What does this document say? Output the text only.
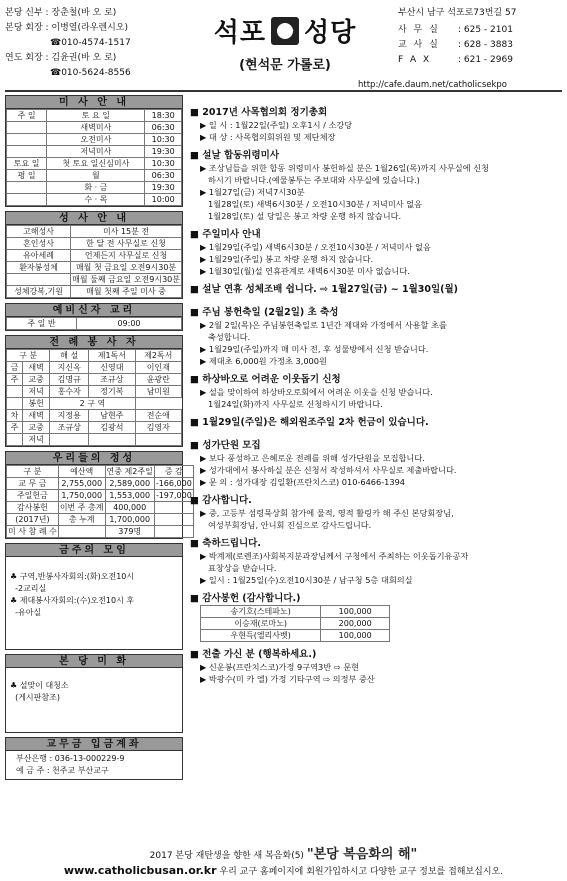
본당 신부 : 장춘철(바 오 로)
본당 회장 : 이병열(라우렌시오)
☎010-4574-1517
연도 회장 : 김윤권(바 오 로)
☎010-5624-8556
석포 ✝ 성당
(현석문 가롤로)
부산시 남구 석포로73번길 57
사 무 실	: 625 - 2101
교 사 실	: 628 - 3883
F A X	: 621 - 2969
http://cafe.daum.net/catholicsekpo
미 사 안 내
주 일	토 요 일	18:30
	새벽미사	06:30
	오전미사	10:30
	저녁미사	19:30
토요 일	첫 토요 일신심미사	10:30
평 일	월	06:30
	화 · 금	19:30
	수 · 목	10:00
성 사 안 내
고해성사	미사 15분 전
혼인성사	한 달 전 사무실로 신청
유아세례	언제든지 사무실로 신청
환자봉성체	매월 첫 금요일 오전9시30분
	매월 둘째 금요일 오전9시30분
성체강복,기원	매월 첫째 주일 미사 중
예비신자 교리
주 일 반	09:00
전 례 봉 사 자
구 분		해 설	제1독서	제2독서
금	새벽	지신옥	신영대	이인재
주	교중	김명규	조규상	윤광란
	저녁	홍수자	정기복	남미원
	봉헌	2 구 역		
차	새벽	지정용	남현주	전순애
주	교중	조규상	김광석	김영자
	저녁			
우리들의 정성
구 분	예산액	연중 제2주일	증 감
교 무 금	2,755,000	2,589,000	-166,000
주일헌금	1,750,000	1,553,000	-197,000
감사봉헌	이번 주 총계	400,000	
(2017년)	총 누계	1,700,000	
미 사 참 례 수		379명	
금주의 모임
♣ 구역,반봉사자회의:(화)오전10시
-2교리실
♣ 제대봉사자회의:(수)오전10시 후
-유아실
본 당 미 화
♣ 설맞이 대청소
(게시판참조)
교무금 입금계좌
부산은행 : 036-13-000229-9
예 금 주 : 천주교 부산교구
■ 2017년 사목협의회 정기총회
▶ 일 시 : 1월22일(주일) 오후1시 / 소강당
▶ 대 상 : 사목협의회위원 및 제단체장
■ 설날 합동위령미사
▶ 조상님들을 위한 합동 위령미사 봉헌하실 분은 1월26일(목)까지 사무실에 신청
하시기 바랍니다.(예물봉투는 주보대와 사무실에 있습니다.)
▶ 1월27일(금) 저녁7시30분
1월28일(토) 새벽6시30분 / 오전10시30분 / 저녁미사 없음
1월28일(토) 설 당일은 봉고 차량 운행 하지 않습니다.
■ 주일미사 안내
▶ 1월29일(주일) 새벽6시30분 / 오전10시30분 / 저녁미사 없음
▶ 1월29일(주일) 봉고 차량 운행 하지 않습니다.
▶ 1월30일(월)설 연휴관계로 새벽6시30분 미사 없습니다.
■ 설날 연휴 성체조배 쉽니다. ⇨ 1월27일(금) ~ 1월30일(월)
■ 주님 봉헌축일 (2월2일) 초 축성
▶ 2월 2일(목)은 주님봉헌축일로 1년간 제대와 가정에서 사용할 초를
축성합니다.
▶ 1월29일(주일)까지 매 미사 전, 후 성물방에서 신청 받습니다.
▶ 제대초 6,000원 가정초 3,000원
■ 하상바오로 어려운 이웃돕기 신청
▶ 설을 맞이하여 하상바오로회에서 어려운 이웃을 신청 받습니다.
1월24일(화)까지 사무실로 신청하시기 바랍니다.
■ 1월29일(주일)은 해외원조주일 2차 헌금이 있습니다.
■ 성가단원 모집
▶ 보다 풍성하고 은혜로운 전례를 위해 성가단원을 모집합니다.
▶ 성가대에서 봉사하실 분은 신청서 작성하셔서 사무실로 제출바랍니다.
▶ 문 의 : 성가대장 김일환(프란치스코) 010-6466-1394
■ 감사합니다.
▶ 중, 고등부 섬령묵상회 참가에 물적, 영적 활링카 해 주신 본당회장님,
여성부회장님, 안니회 진심으로 감사드립니다.
■ 축하드립니다.
▶ 박계제(로렌조)사회복지분과장님께서 구청에서 주최하는 이웃돕기유공자
표창상을 받습니다.
▶ 일시 : 1월25일(수)오전10시30분 / 남구청 5층 대회의실
■ 감사봉헌 (감사합니다.)
송기호(스테파노)	100,000
이승재(로마노)	200,000
우현득(엘리사벳)	100,000
■ 전출 가신 분 (행복하세요.)
▶ 신운봉(프란치스코)가정 9구역3반 ⇨ 문현
▶ 박광수(미 카 엘) 가정 기타구역 ⇨ 의정부 중산
2017 본당 재탄생을 향한 새 복음화(5) "본당 복음화의 해"
www.catholicbusan.or.kr 우리 교구 홈페이지에 회원가입하시고 다양한 교구 정보를 접해보십시오.
